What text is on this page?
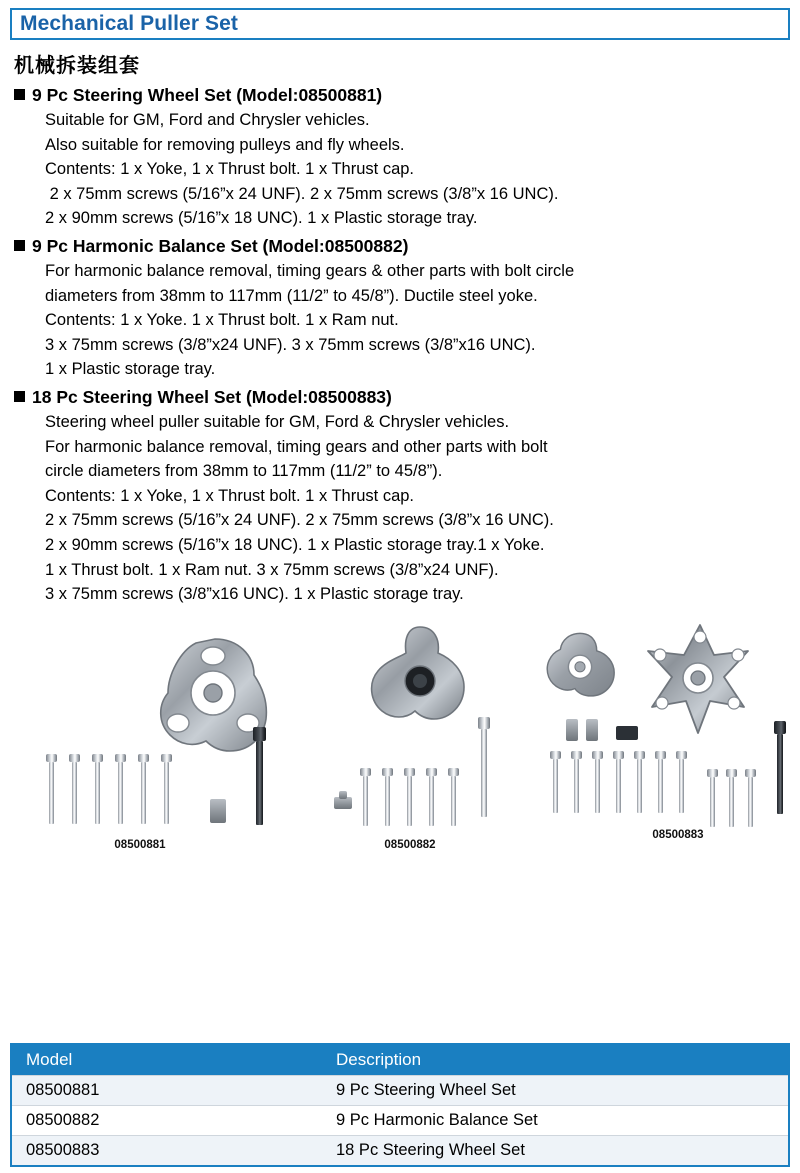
Mechanical Puller Set
机械拆装组套
9 Pc Steering Wheel Set (Model:08500881)
Suitable for GM, Ford and Chrysler vehicles.
Also suitable for removing pulleys and fly wheels.
Contents: 1 x Yoke, 1 x Thrust bolt. 1 x Thrust cap.
2 x 75mm screws (5/16”x 24 UNF). 2 x 75mm screws (3/8”x 16 UNC).
2 x 90mm screws (5/16”x 18 UNC). 1 x Plastic storage tray.
9 Pc Harmonic Balance Set (Model:08500882)
For harmonic balance removal, timing gears & other parts with bolt circle
diameters from 38mm to 117mm (11/2” to 45/8”). Ductile steel yoke.
Contents: 1 x Yoke. 1 x Thrust bolt. 1 x Ram nut.
3 x 75mm screws (3/8”x24 UNF). 3 x 75mm screws (3/8”x16 UNC).
1 x Plastic storage tray.
18 Pc Steering Wheel Set (Model:08500883)
Steering wheel puller suitable for GM, Ford & Chrysler vehicles.
For harmonic balance removal, timing gears and other parts with bolt
circle diameters from 38mm to 117mm (11/2” to 45/8”).
Contents: 1 x Yoke, 1 x Thrust bolt. 1 x Thrust cap.
2 x 75mm screws (5/16”x 24 UNF). 2 x 75mm screws (3/8”x 16 UNC).
2 x 90mm screws (5/16”x 18 UNC). 1 x Plastic storage tray.1 x Yoke.
1 x Thrust bolt. 1 x Ram nut. 3 x 75mm screws (3/8”x24 UNF).
3 x 75mm screws (3/8”x16 UNC). 1 x Plastic storage tray.
08500881	08500882
08500883
Model	Description
08500881	9 Pc Steering Wheel Set
08500882	9 Pc Harmonic Balance Set
08500883	18 Pc Steering Wheel Set
